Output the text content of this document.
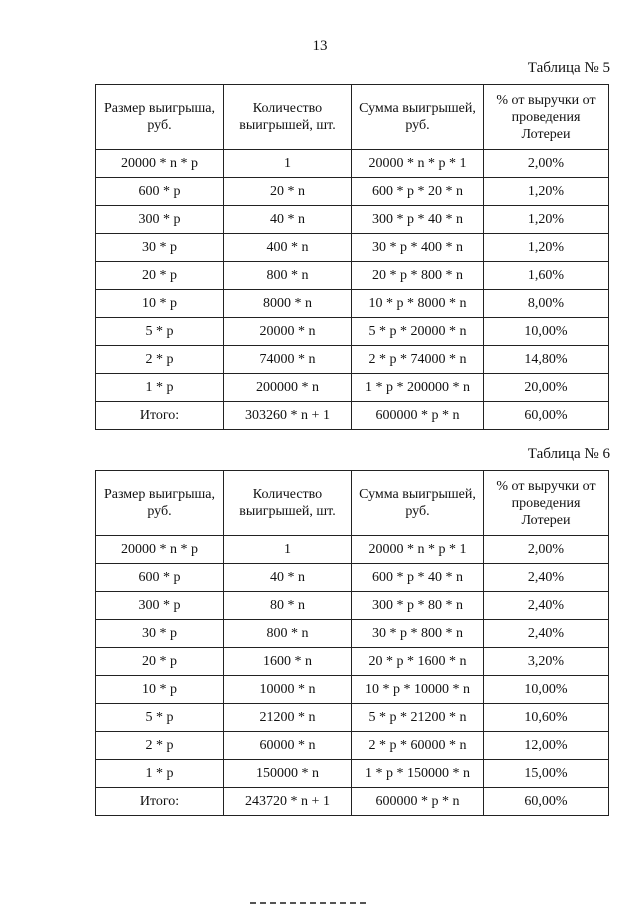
13
Таблица № 5
Размер выигрыша, руб.	Количество выигрышей, шт.	Сумма выигрышей, руб.	% от выручки от проведения Лотереи
20000 * n * p	1	20000 * n * p * 1	2,00%
600 * p	20 * n	600 * p * 20 * n	1,20%
300 * p	40 * n	300 * p * 40 * n	1,20%
30 * p	400 * n	30 * p * 400 * n	1,20%
20 * p	800 * n	20 * p * 800 * n	1,60%
10 * p	8000 * n	10 * p * 8000 * n	8,00%
5 * p	20000 * n	5 * p * 20000 * n	10,00%
2 * p	74000 * n	2 * p * 74000 * n	14,80%
1 * p	200000 * n	1 * p * 200000 * n	20,00%
Итого:	303260 * n + 1	600000 * p * n	60,00%
Таблица № 6
Размер выигрыша, руб.	Количество выигрышей, шт.	Сумма выигрышей, руб.	% от выручки от проведения Лотереи
20000 * n * p	1	20000 * n * p * 1	2,00%
600 * p	40 * n	600 * p * 40 * n	2,40%
300 * p	80 * n	300 * p * 80 * n	2,40%
30 * p	800 * n	30 * p * 800 * n	2,40%
20 * p	1600 * n	20 * p * 1600 * n	3,20%
10 * p	10000 * n	10 * p * 10000 * n	10,00%
5 * p	21200 * n	5 * p * 21200 * n	10,60%
2 * p	60000 * n	2 * p * 60000 * n	12,00%
1 * p	150000 * n	1 * p * 150000 * n	15,00%
Итого:	243720 * n + 1	600000 * p * n	60,00%
